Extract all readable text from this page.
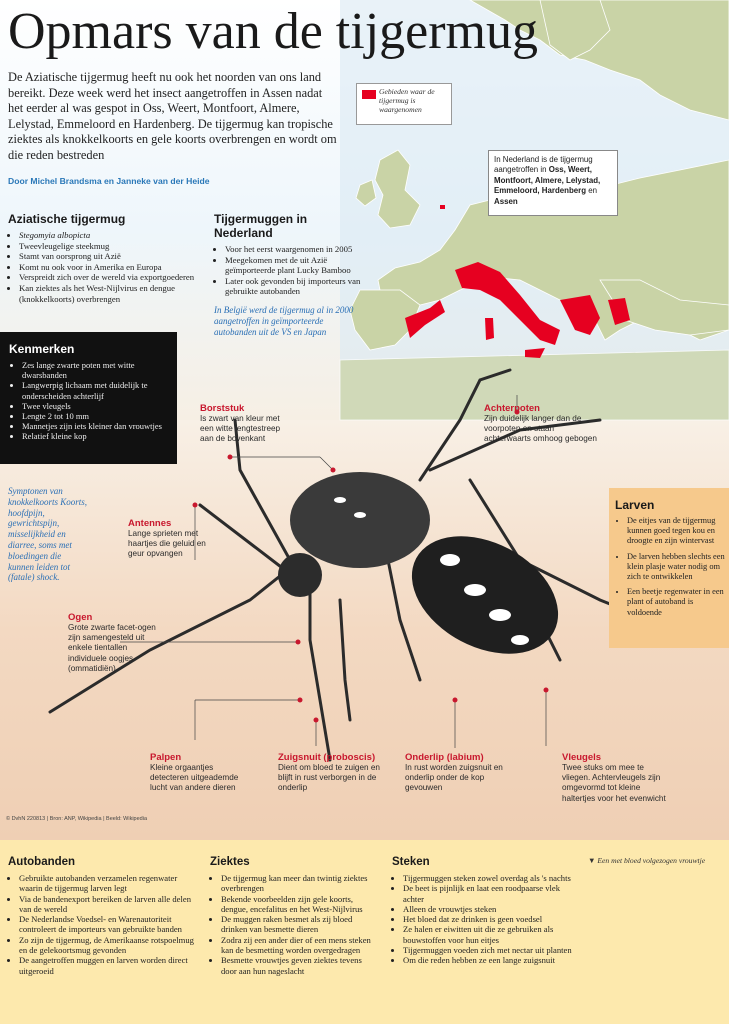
Opmars van de tijgermug
De Aziatische tijgermug heeft nu ook het noorden van ons land bereikt. Deze week werd het insect aangetroffen in Assen nadat het eerder al was gespot in Oss, Weert, Montfoort, Almere, Lelystad, Emmeloord en Hardenberg. De tijgermug kan tropische ziektes als knokkelkoorts en gele koorts overbrengen en wordt om die reden bestreden
Door Michel Brandsma en Janneke van der Heide
Gebieden waar de tijgermug is waargenomen
In Nederland is de tijgermug aangetroffen in Oss, Weert, Montfoort, Almere, Lelystad, Emmeloord, Hardenberg en Assen
Aziatische tijgermug
• Stegomyia albopicta
• Tweevleugelige steekmug
• Stamt van oorsprong uit Azië
• Komt nu ook voor in Amerika en Europa
• Verspreidt zich over de wereld via exportgoederen
• Kan ziektes als het West-Nijlvirus en dengue (knokkelkoorts) overbrengen
Tijgermuggen in Nederland
• Voor het eerst waargenomen in 2005
• Meegekomen met de uit Azië geïmporteerde plant Lucky Bamboo
• Later ook gevonden bij importeurs van gebruikte autobanden
In België werd de tijgermug al in 2000 aangetroffen in geïmporteerde autobanden uit de VS en Japan
Kenmerken
• Zes lange zwarte poten met witte dwarsbanden
• Langwerpig lichaam met duidelijk te onderscheiden achterlijf
• Twee vleugels
• Lengte 2 tot 10 mm
• Mannetjes zijn iets kleiner dan vrouwtjes
• Relatief kleine kop
Symptonen van knokkelkoorts Koorts, hoofdpijn, gewrichtspijn, misselijkheid en diarree, soms met bloedingen die kunnen leiden tot (fatale) shock.
Borststuk
Is zwart van kleur met een witte lengtestreep aan de bovenkant
Achterpoten
Zijn duidelijk langer dan de voorpoten en staan achterwaarts omhoog gebogen
Antennes
Lange sprieten met haartjes die geluid en geur opvangen
Ogen
Grote zwarte facet-ogen zijn samengesteld uit enkele tientallen individuele oogjes (ommatidiën)
Palpen
Kleine orgaantjes detecteren uitgeademde lucht van andere dieren
Zuigsnuit (proboscis)
Dient om bloed te zuigen en blijft in rust verborgen in de onderlip
Onderlip (labium)
In rust worden zuigsnuit en onderlip onder de kop gevouwen
Vleugels
Twee stuks om mee te vliegen. Achtervleugels zijn omgevormd tot kleine haltertjes voor het evenwicht
Larven
• De eitjes van de tijgermug kunnen goed tegen kou en droogte en zijn wintervast
• De larven hebben slechts een klein plasje water nodig om zich te ontwikkelen
• Een beetje regenwater in een plant of autoband is voldoende
© DvhN 220813 | Bron: ANP, Wikipedia | Beeld: Wikipedia
Autobanden
• Gebruikte autobanden verzamelen regenwater waarin de tijgermug larven legt
• Via de bandenexport bereiken de larven alle delen van de wereld
• De Nederlandse Voedsel- en Warenautoriteit controleert de importeurs van gebruikte banden
• Zo zijn de tijgermug, de Amerikaanse rotspoelmug en de gelekoortsmug gevonden
• De aangetroffen muggen en larven worden direct uitgeroeid
Ziektes
• De tijgermug kan meer dan twintig ziektes overbrengen
• Bekende voorbeelden zijn gele koorts, dengue, encefalitus en het West-Nijlvirus
• De muggen raken besmet als zij bloed drinken van besmette dieren
• Zodra zij een ander dier of een mens steken kan de besmetting worden overgedragen
• Besmette vrouwtjes geven ziektes tevens door aan hun nageslacht
Steken
• Tijgermuggen steken zowel overdag als 's nachts
• De beet is pijnlijk en laat een roodpaarse vlek achter
• Alleen de vrouwtjes steken
• Het bloed dat ze drinken is geen voedsel
• Ze halen er eiwitten uit die ze gebruiken als bouwstoffen voor hun eitjes
• Tijgermuggen voeden zich met nectar uit planten
• Om die reden hebben ze een lange zuigsnuit
▼ Een met bloed volgezogen vrouwtje
